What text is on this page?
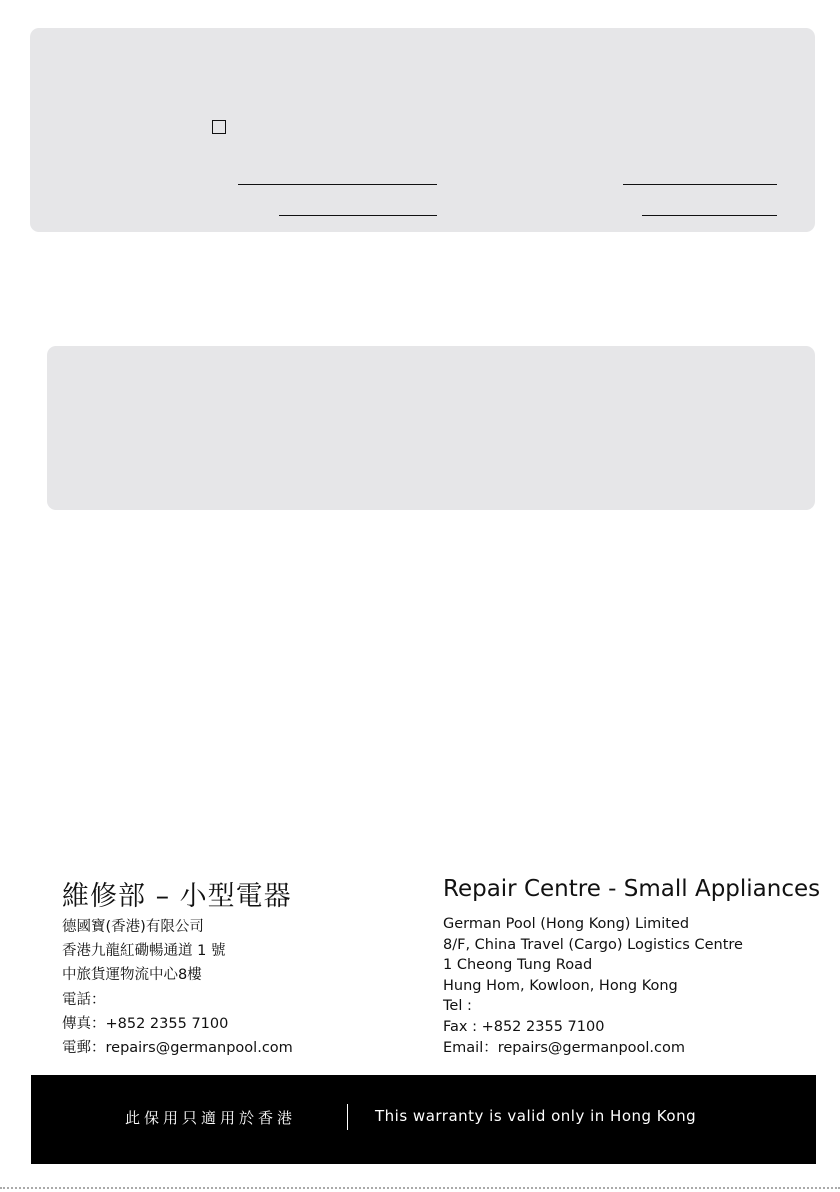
維修部 – 小型電器	Repair Centre - Small Appliances
德國寶(香港)有限公司
香港九龍紅磡暢通道 1 號
中旅貨運物流中心8樓
電話：
傳真：+852 2355 7100
電郵：repairs@germanpool.com
German Pool (Hong Kong) Limited
8/F, China Travel (Cargo) Logistics Centre
1 Cheong Tung Road
Hung Hom, Kowloon, Hong Kong
Tel :
Fax : +852 2355 7100
Email：repairs@germanpool.com
此保用只適用於香港	This warranty is valid only in Hong Kong
